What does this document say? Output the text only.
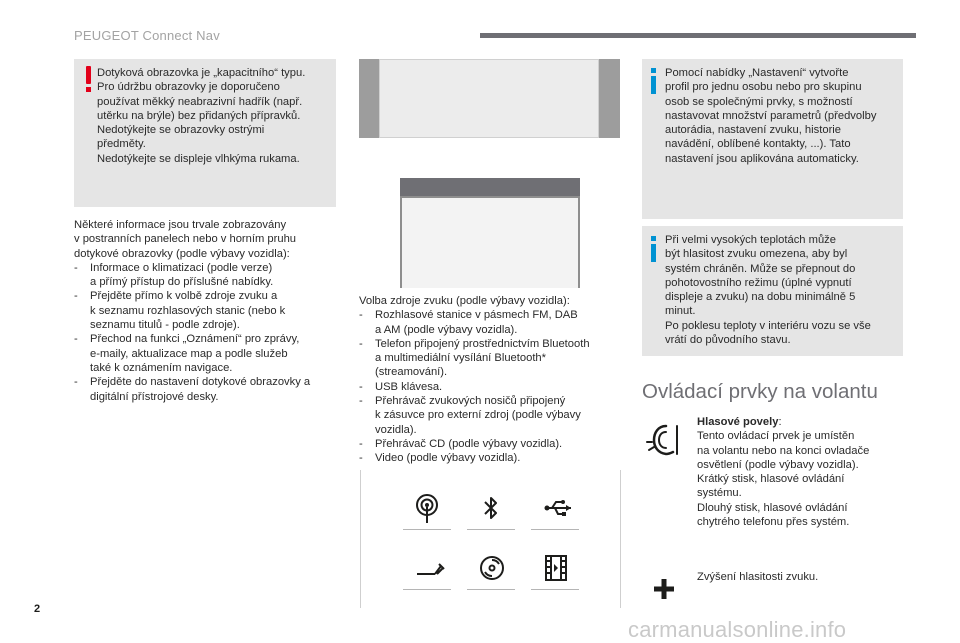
PEUGEOT Connect Nav
Dotyková obrazovka je „kapacitního“ typu.
Pro údržbu obrazovky je doporučeno
používat měkký neabrazivní hadřík (např.
utěrku na brýle) bez přidaných přípravků.
Nedotýkejte se obrazovky ostrými
předměty.
Nedotýkejte se displeje vlhkýma rukama.

Některé informace jsou trvale zobrazovány

v postranních panelech nebo v horním pruhu

dotykové obrazovky (podle výbavy vozidla):

- Informace o klimatizaci (podle verze)
a přímý přístup do příslušné nabídky.
- Přejděte přímo k volbě zdroje zvuku a
k seznamu rozhlasových stanic (nebo k
seznamu titulů - podle zdroje).
- Přechod na funkci „Oznámení“ pro zprávy,
e-maily, aktualizace map a podle služeb
také k oznámením navigace.
- Přejděte do nastavení dotykové obrazovky a
digitální přístrojové desky.

Volba zdroje zvuku (podle výbavy vozidla):

- Rozhlasové stanice v pásmech FM, DAB
a AM (podle výbavy vozidla).
- Telefon připojený prostřednictvím Bluetooth
a multimediální vysílání Bluetooth*
(streamování).
- USB klávesa.
- Přehrávač zvukových nosičů připojený
k zásuvce pro externí zdroj (podle výbavy
vozidla).
- Přehrávač CD (podle výbavy vozidla).
- Video (podle výbavy vozidla).
Pomocí nabídky „Nastavení“ vytvořte
profil pro jednu osobu nebo pro skupinu
osob se společnými prvky, s možností
nastavovat množství parametrů (předvolby
autorádia, nastavení zvuku, historie
navádění, oblíbené kontakty, ...). Tato
nastavení jsou aplikována automaticky.
Při velmi vysokých teplotách může
být hlasitost zvuku omezena, aby byl
systém chráněn. Může se přepnout do
pohotovostního režimu (úplné vypnutí
displeje a zvuku) na dobu minimálně 5
minut.
Po poklesu teploty v interiéru vozu se vše
vrátí do původního stavu.
Ovládací prvky na volantu
Hlasové povely:
Tento ovládací prvek je umístěn
na volantu nebo na konci ovladače
osvětlení (podle výbavy vozidla).
Krátký stisk, hlasové ovládání
systému.
Dlouhý stisk, hlasové ovládání
chytrého telefonu přes systém.
Zvýšení hlasitosti zvuku.
2
carmanualsonline.info
